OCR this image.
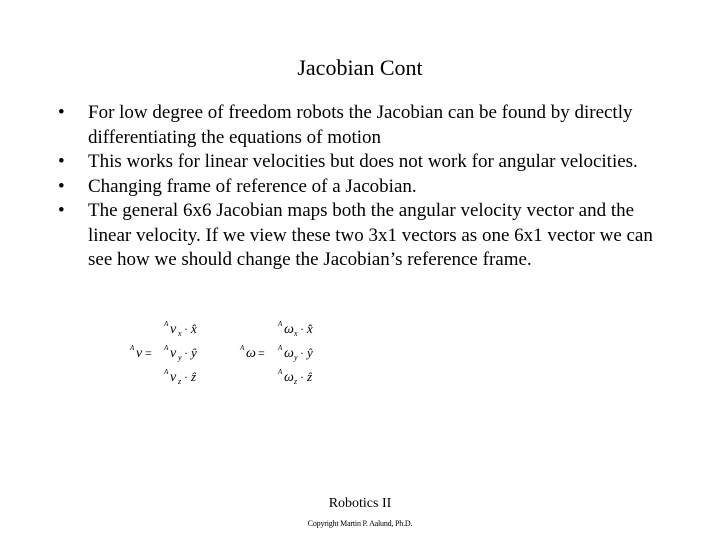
Jacobian Cont
• For low degree of freedom robots the Jacobian can be found by directly differentiating the equations of motion
• This works for linear velocities but does not work for angular velocities.
• Changing frame of reference of a Jacobian.
• The general 6x6 Jacobian maps both the angular velocity vector and the linear velocity. If we view these two 3x1 vectors as one 6x1 vector we can see how we should change the Jacobian’s reference frame.
A v =
A v x · x̂
A v y · ŷ
A v z · ẑ
A ω =
A ω x · x̂
A ω y · ŷ
A ω z · ẑ
Robotics II
Copyright Martin P. Aalund, Ph.D.
